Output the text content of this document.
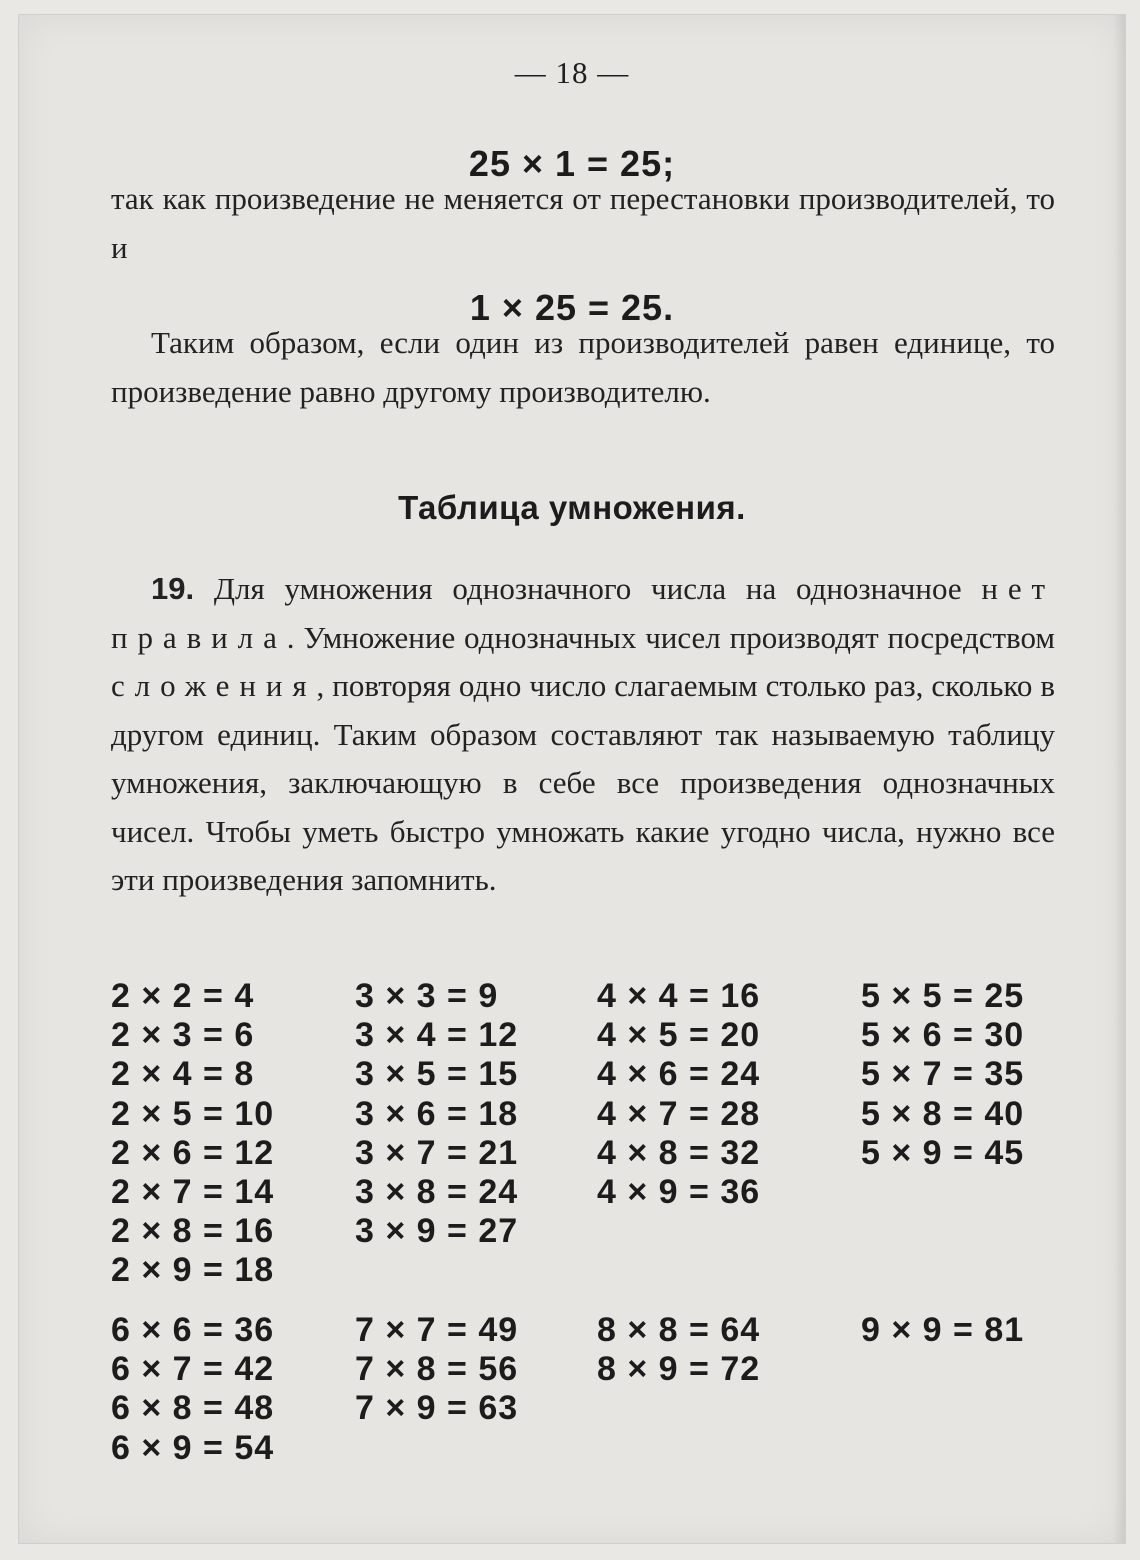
— 18 —
25 × 1 = 25;

так как произведение не меняется от перестановки производителей, то и

1 × 25 = 25.

Таким образом, если один из производителей равен единице, то произведение равно другому производителю.

Таблица умножения.

19. Для умножения однозначного числа на однозначное нет правила. Умножение однозначных чисел производят посредством сложения, повторяя одно число слагаемым столько раз, сколько в другом единиц. Таким образом составляют так называемую таблицу умножения, заключающую в себе все произведения однозначных чисел. Чтобы уметь быстро умножать какие угодно числа, нужно все эти произведения запомнить.

2 × 2 = 4
2 × 3 = 6
2 × 4 = 8
2 × 5 = 10
2 × 6 = 12
2 × 7 = 14
2 × 8 = 16
2 × 9 = 18
3 × 3 = 9
3 × 4 = 12
3 × 5 = 15
3 × 6 = 18
3 × 7 = 21
3 × 8 = 24
3 × 9 = 27
4 × 4 = 16
4 × 5 = 20
4 × 6 = 24
4 × 7 = 28
4 × 8 = 32
4 × 9 = 36
5 × 5 = 25
5 × 6 = 30
5 × 7 = 35
5 × 8 = 40
5 × 9 = 45
6 × 6 = 36
6 × 7 = 42
6 × 8 = 48
6 × 9 = 54
7 × 7 = 49
7 × 8 = 56
7 × 9 = 63
8 × 8 = 64
8 × 9 = 72
9 × 9 = 81
